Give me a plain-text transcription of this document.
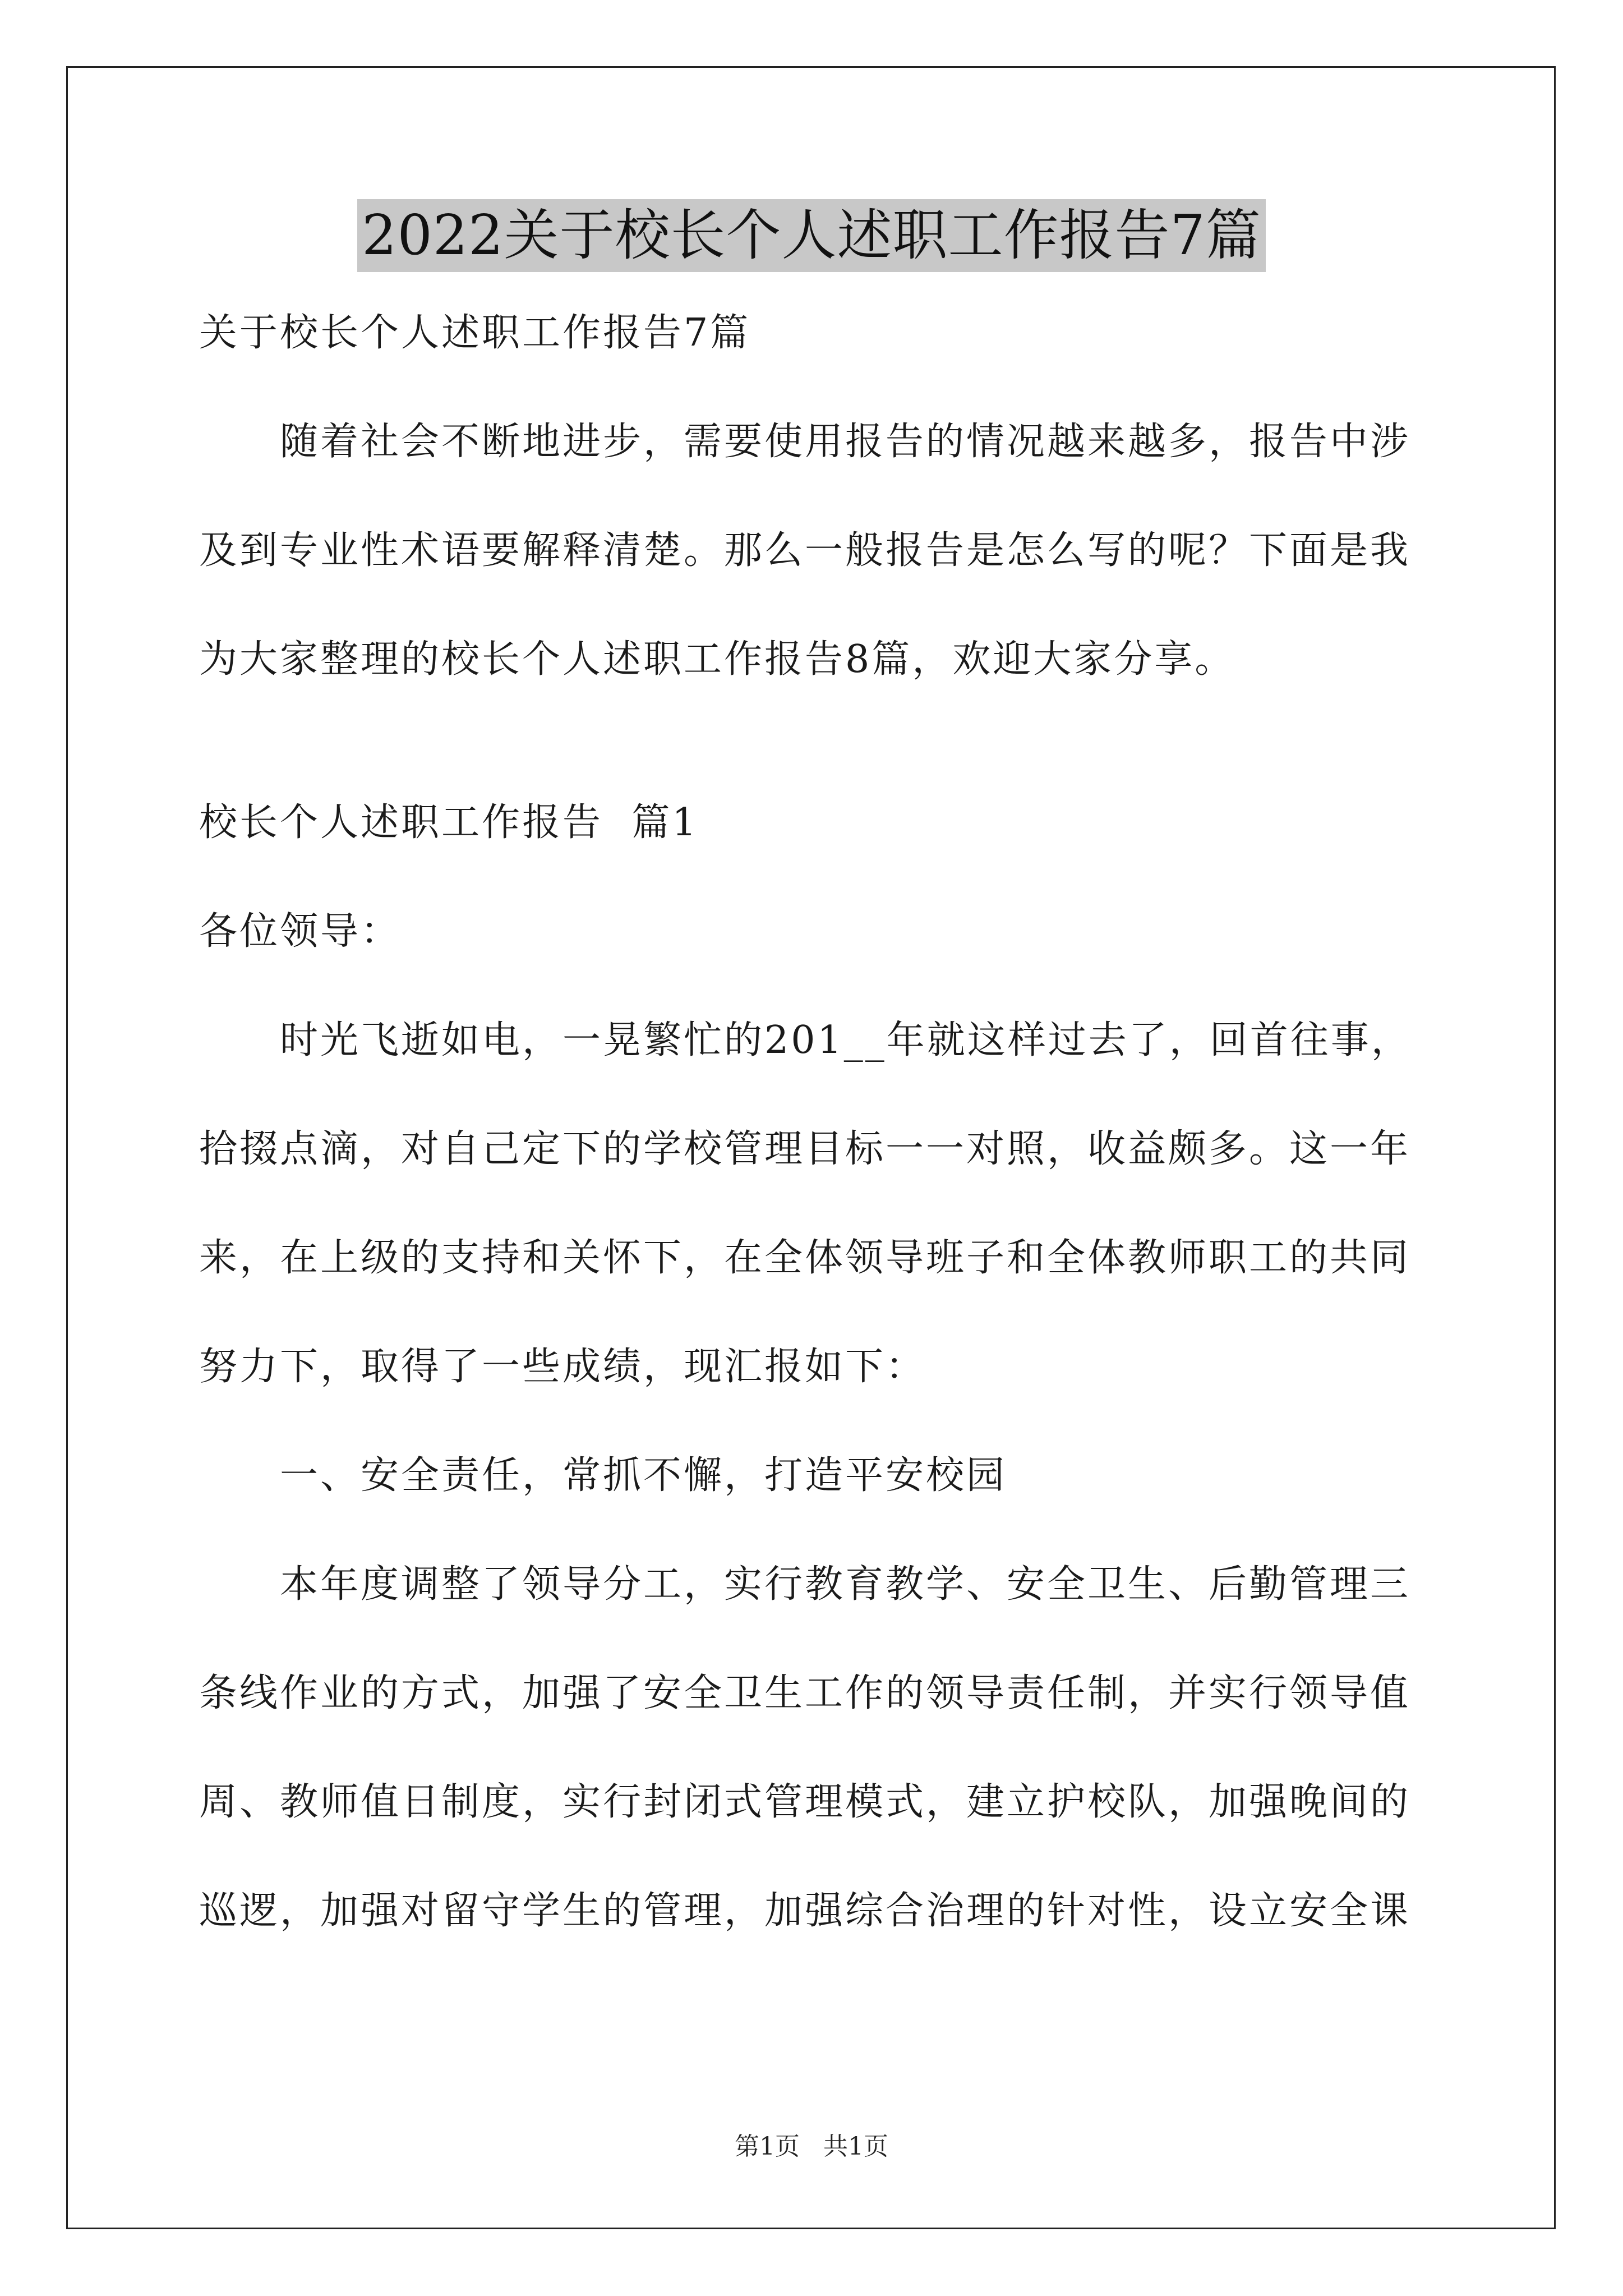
2022关于校长个人述职工作报告7篇
关于校长个人述职工作报告7篇
随着社会不断地进步，需要使用报告的情况越来越多，报告中涉
及到专业性术语要解释清楚。那么一般报告是怎么写的呢？下面是我
为大家整理的校长个人述职工作报告8篇，欢迎大家分享。
校长个人述职工作报告  篇1
各位领导：
时光飞逝如电，一晃繁忙的201__年就这样过去了，回首往事，
拾掇点滴，对自己定下的学校管理目标一一对照，收益颇多。这一年
来，在上级的支持和关怀下，在全体领导班子和全体教师职工的共同
努力下，取得了一些成绩，现汇报如下：
一、安全责任，常抓不懈，打造平安校园
本年度调整了领导分工，实行教育教学、安全卫生、后勤管理三
条线作业的方式，加强了安全卫生工作的领导责任制，并实行领导值
周、教师值日制度，实行封闭式管理模式，建立护校队，加强晚间的
巡逻，加强对留守学生的管理，加强综合治理的针对性，设立安全课
第1页 共1页
